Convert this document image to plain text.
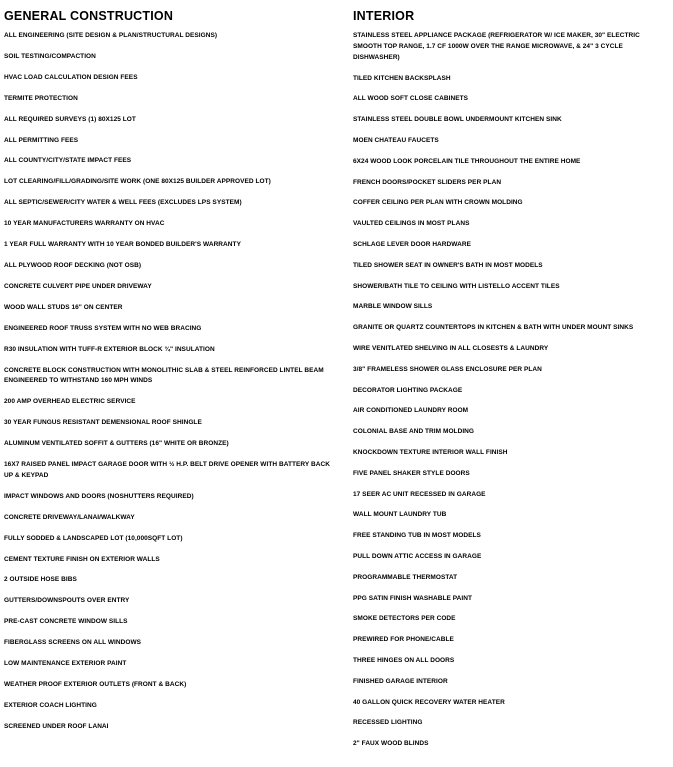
GENERAL CONSTRUCTION
ALL ENGINEERING (SITE DESIGN & PLAN/STRUCTURAL DESIGNS)
SOIL TESTING/COMPACTION
HVAC LOAD CALCULATION DESIGN FEES
TERMITE PROTECTION
ALL REQUIRED SURVEYS (1) 80X125 LOT
ALL PERMITTING FEES
ALL COUNTY/CITY/STATE IMPACT FEES
LOT CLEARING/FILL/GRADING/SITE WORK (ONE 80X125 BUILDER APPROVED LOT)
ALL SEPTIC/SEWER/CITY WATER & WELL FEES (EXCLUDES LPS SYSTEM)
10 YEAR MANUFACTURERS WARRANTY ON HVAC
1 YEAR FULL WARRANTY WITH 10 YEAR BONDED BUILDER'S WARRANTY
ALL PLYWOOD ROOF DECKING (NOT OSB)
CONCRETE CULVERT PIPE UNDER DRIVEWAY
WOOD WALL STUDS 16" ON CENTER
ENGINEERED ROOF TRUSS SYSTEM WITH NO WEB BRACING
R30 INSULATION WITH TUFF-R EXTERIOR BLOCK ¾" INSULATION
CONCRETE BLOCK CONSTRUCTION WITH MONOLITHIC SLAB & STEEL REINFORCED LINTEL BEAM ENGINEERED TO WITHSTAND 160 MPH WINDS
200 AMP OVERHEAD ELECTRIC SERVICE
30 YEAR FUNGUS RESISTANT DEMENSIONAL ROOF SHINGLE
ALUMINUM VENTILATED SOFFIT & GUTTERS (16" WHITE OR BRONZE)
16X7 RAISED PANEL IMPACT GARAGE DOOR WITH ½ H.P. BELT DRIVE OPENER WITH BATTERY BACK UP & KEYPAD
IMPACT WINDOWS AND DOORS (NOSHUTTERS REQUIRED)
CONCRETE DRIVEWAY/LANAI/WALKWAY
FULLY SODDED & LANDSCAPED LOT (10,000SQFT LOT)
CEMENT TEXTURE FINISH ON EXTERIOR WALLS
2 OUTSIDE HOSE BIBS
GUTTERS/DOWNSPOUTS OVER ENTRY
PRE-CAST CONCRETE WINDOW SILLS
FIBERGLASS SCREENS ON ALL WINDOWS
LOW MAINTENANCE EXTERIOR PAINT
WEATHER PROOF EXTERIOR OUTLETS (FRONT & BACK)
EXTERIOR COACH LIGHTING
SCREENED UNDER ROOF LANAI
INTERIOR
STAINLESS STEEL APPLIANCE PACKAGE (REFRIGERATOR W/ ICE MAKER, 30" ELECTRIC SMOOTH TOP RANGE, 1.7 CF 1000W OVER THE RANGE MICROWAVE, & 24" 3 CYCLE DISHWASHER)
TILED KITCHEN BACKSPLASH
ALL WOOD SOFT CLOSE CABINETS
STAINLESS STEEL DOUBLE BOWL UNDERMOUNT KITCHEN SINK
MOEN CHATEAU FAUCETS
6X24 WOOD LOOK PORCELAIN TILE THROUGHOUT THE ENTIRE HOME
FRENCH DOORS/POCKET SLIDERS PER PLAN
COFFER CEILING PER PLAN WITH CROWN MOLDING
VAULTED CEILINGS IN MOST PLANS
SCHLAGE LEVER DOOR HARDWARE
TILED SHOWER SEAT IN OWNER'S BATH IN MOST MODELS
SHOWER/BATH TILE TO CEILING WITH LISTELLO ACCENT TILES
MARBLE WINDOW SILLS
GRANITE OR QUARTZ COUNTERTOPS IN KITCHEN & BATH WITH UNDER MOUNT SINKS
WIRE VENITLATED SHELVING IN ALL CLOSESTS & LAUNDRY
3/8" FRAMELESS SHOWER GLASS ENCLOSURE PER PLAN
DECORATOR LIGHTING PACKAGE
AIR CONDITIONED LAUNDRY ROOM
COLONIAL BASE AND TRIM MOLDING
KNOCKDOWN TEXTURE INTERIOR WALL FINISH
FIVE PANEL SHAKER STYLE DOORS
17 SEER AC UNIT RECESSED IN GARAGE
WALL MOUNT LAUNDRY TUB
FREE STANDING TUB IN MOST MODELS
PULL DOWN ATTIC ACCESS IN GARAGE
PROGRAMMABLE THERMOSTAT
PPG SATIN FINISH WASHABLE PAINT
SMOKE DETECTORS PER CODE
PREWIRED FOR PHONE/CABLE
THREE HINGES ON ALL DOORS
FINISHED GARAGE INTERIOR
40 GALLON QUICK RECOVERY WATER HEATER
RECESSED LIGHTING
2" FAUX WOOD BLINDS
